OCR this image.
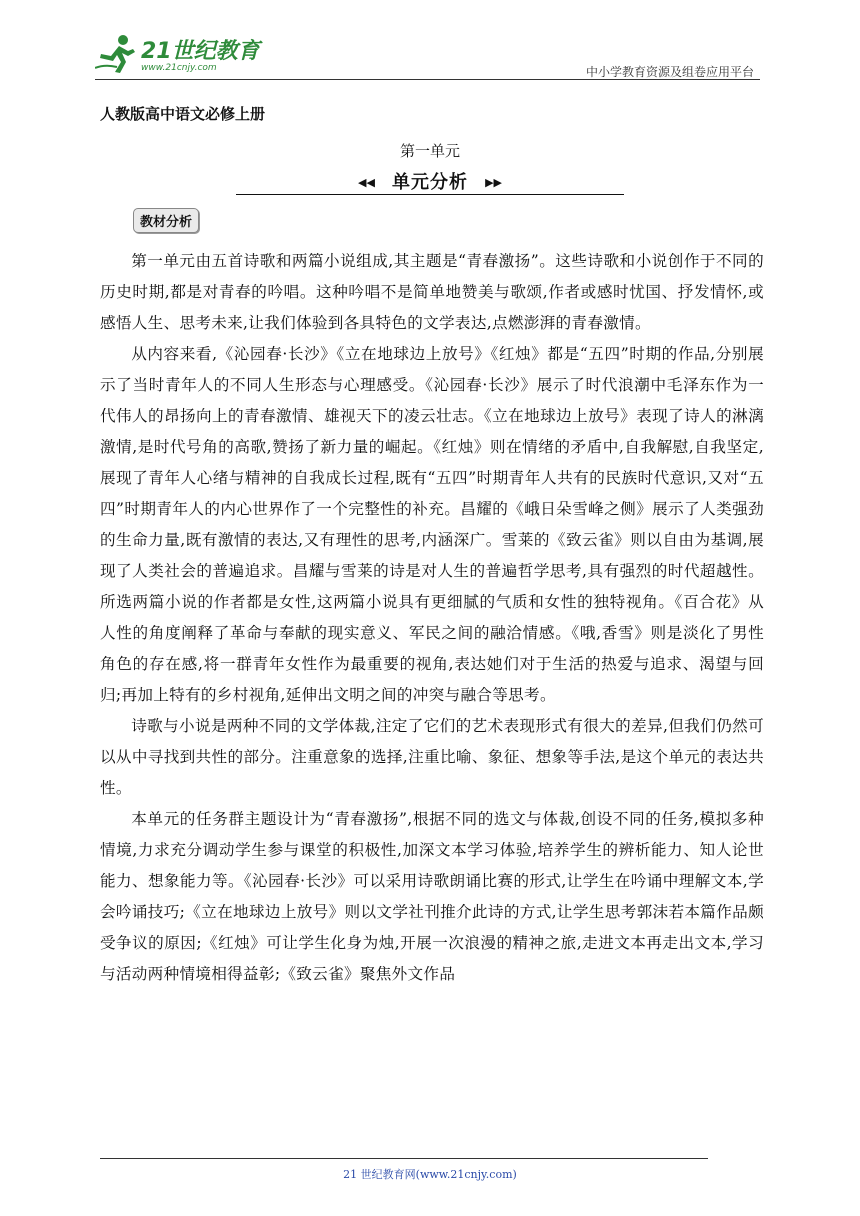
21世纪教育
www.21cnjy.com	中小学教育资源及组卷应用平台
人教版高中语文必修上册
第一单元
◀◀ 单元分析 ▶▶
教材分析

第一单元由五首诗歌和两篇小说组成,其主题是“青春激扬”。这些诗歌和小说创作于不同的历史时期,都是对青春的吟唱。这种吟唱不是简单地赞美与歌颂,作者或感时忧国、抒发情怀,或感悟人生、思考未来,让我们体验到各具特色的文学表达,点燃澎湃的青春激情。

从内容来看,《沁园春·长沙》《立在地球边上放号》《红烛》都是“五四”时期的作品,分别展示了当时青年人的不同人生形态与心理感受。《沁园春·长沙》展示了时代浪潮中毛泽东作为一代伟人的昂扬向上的青春激情、雄视天下的凌云壮志。《立在地球边上放号》表现了诗人的淋漓激情,是时代号角的高歌,赞扬了新力量的崛起。《红烛》则在情绪的矛盾中,自我解慰,自我坚定,展现了青年人心绪与精神的自我成长过程,既有“五四”时期青年人共有的民族时代意识,又对“五四”时期青年人的内心世界作了一个完整性的补充。昌耀的《峨日朵雪峰之侧》展示了人类强劲的生命力量,既有激情的表达,又有理性的思考,内涵深广。雪莱的《致云雀》则以自由为基调,展现了人类社会的普遍追求。昌耀与雪莱的诗是对人生的普遍哲学思考,具有强烈的时代超越性。所选两篇小说的作者都是女性,这两篇小说具有更细腻的气质和女性的独特视角。《百合花》从人性的角度阐释了革命与奉献的现实意义、军民之间的融洽情感。《哦,香雪》则是淡化了男性角色的存在感,将一群青年女性作为最重要的视角,表达她们对于生活的热爱与追求、渴望与回归;再加上特有的乡村视角,延伸出文明之间的冲突与融合等思考。

诗歌与小说是两种不同的文学体裁,注定了它们的艺术表现形式有很大的差异,但我们仍然可以从中寻找到共性的部分。注重意象的选择,注重比喻、象征、想象等手法,是这个单元的表达共性。

本单元的任务群主题设计为“青春激扬”,根据不同的选文与体裁,创设不同的任务,模拟多种情境,力求充分调动学生参与课堂的积极性,加深文本学习体验,培养学生的辨析能力、知人论世能力、想象能力等。《沁园春·长沙》可以采用诗歌朗诵比赛的形式,让学生在吟诵中理解文本,学会吟诵技巧;《立在地球边上放号》则以文学社刊推介此诗的方式,让学生思考郭沫若本篇作品颇受争议的原因;《红烛》可让学生化身为烛,开展一次浪漫的精神之旅,走进文本再走出文本,学习与活动两种情境相得益彰;《致云雀》聚焦外文作品

21 世纪教育网(www.21cnjy.com)
